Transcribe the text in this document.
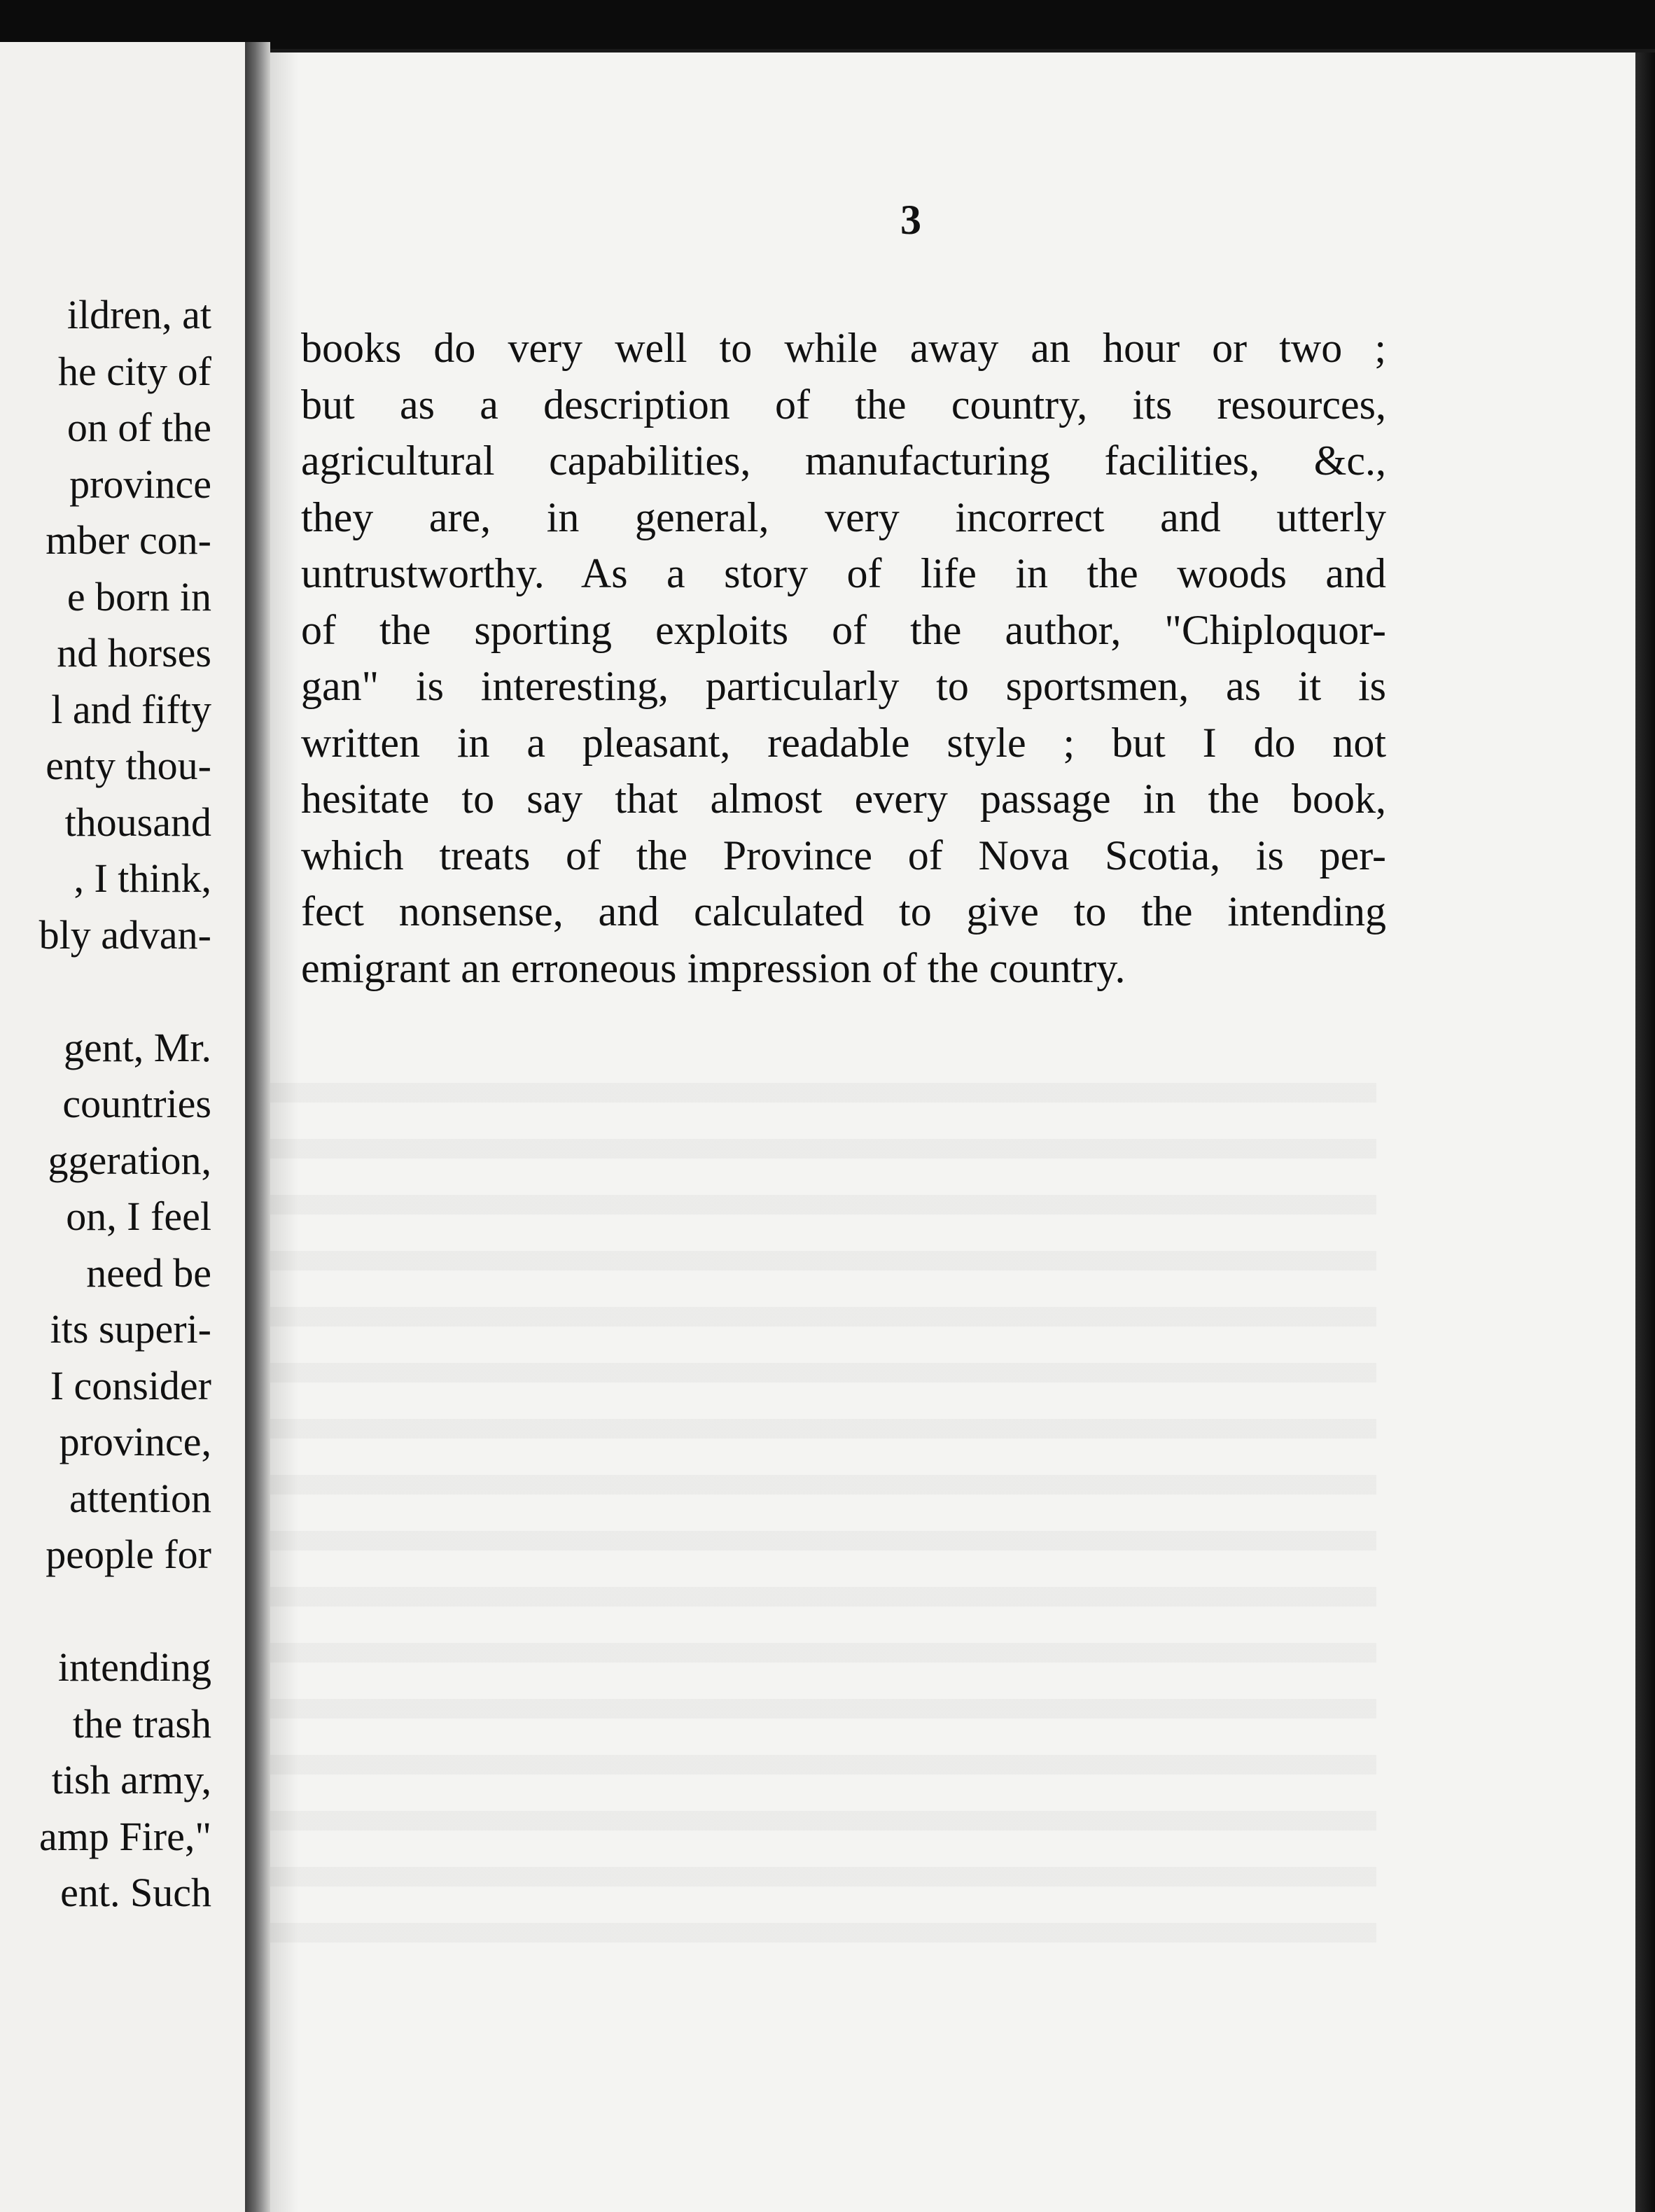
ildren, at
he city of
on of the
province
mber con-
e born in
nd horses
l and fifty
enty thou-
thousand
, I think,
bly advan-

gent, Mr.
countries
ggeration,
on, I feel
need be
its superi-
I consider
province,
attention
people for

intending
the trash
tish army,
amp Fire,"
ent. Such
3
books do very well to while away an hour or two ;
but as a description of the country, its resources,
agricultural capabilities, manufacturing facilities, &c.,
they are, in general, very incorrect and utterly
untrustworthy. As a story of life in the woods and
of the sporting exploits of the author, "Chiploquor-
gan" is interesting, particularly to sportsmen, as it is
written in a pleasant, readable style ; but I do not
hesitate to say that almost every passage in the book,
which treats of the Province of Nova Scotia, is per-
fect nonsense, and calculated to give to the intending
emigrant an erroneous impression of the country.
